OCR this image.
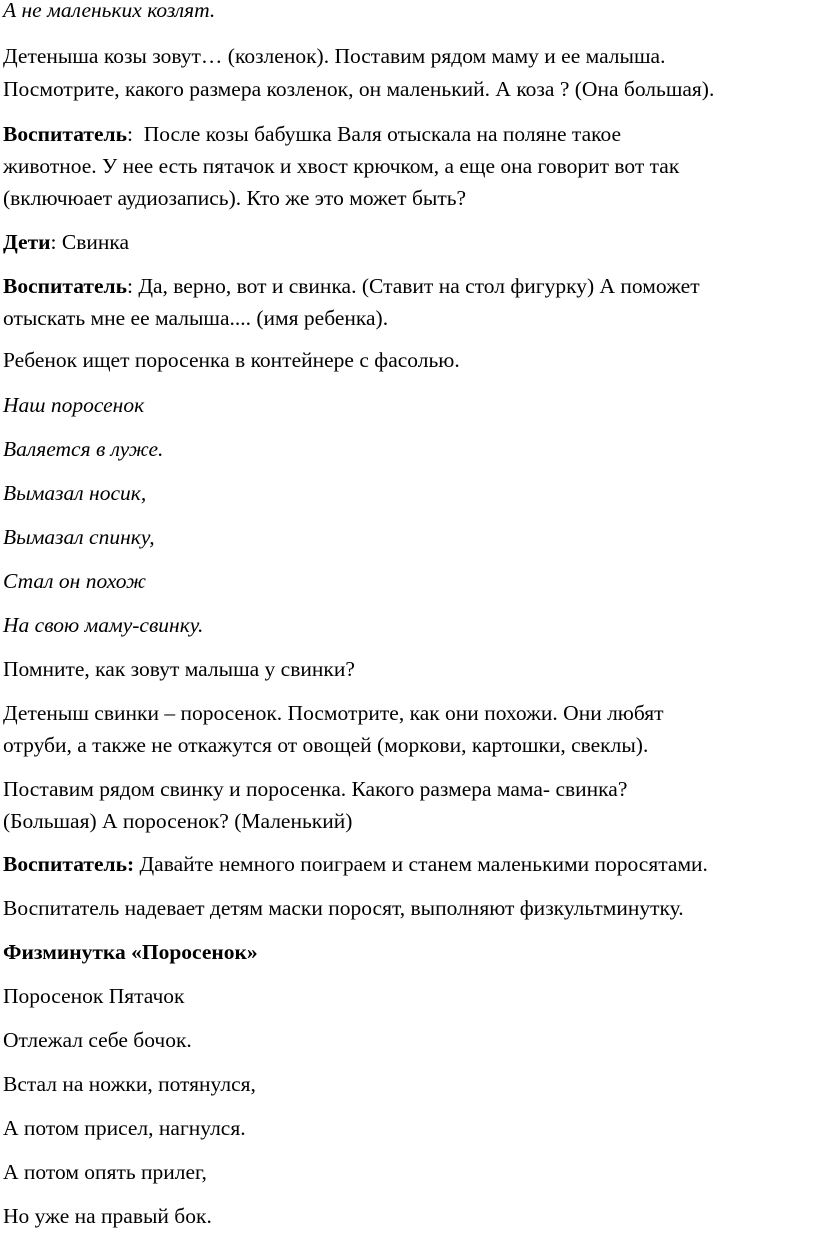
А не маленьких козлят.

Детеныша козы зовут… (козленок). Поставим рядом маму и ее малыша.

Посмотрите, какого размера козленок, он маленький. А коза ? (Она большая).

Воспитатель:  После козы бабушка Валя отыскала на поляне такое

животное. У нее есть пятачок и хвост крючком, а еще она говорит вот так

(включюает аудиозапись). Кто же это может быть?

Дети: Свинка

Воспитатель: Да, верно, вот и свинка. (Ставит на стол фигурку) А поможет

отыскать мне ее малыша.... (имя ребенка).

Ребенок ищет поросенка в контейнере с фасолью.

Наш поросенок

Валяется в луже.

Вымазал носик,

Вымазал спинку,

Стал он похож

На свою маму-свинку.

Помните, как зовут малыша у свинки?

Детеныш свинки – поросенок. Посмотрите, как они похожи. Они любят

отруби, а также не откажутся от овощей (моркови, картошки, свеклы).

Поставим рядом свинку и поросенка. Какого размера мама- свинка?

(Большая) А поросенок? (Маленький)

Воспитатель: Давайте немного поиграем и станем маленькими поросятами.

Воспитатель надевает детям маски поросят, выполняют физкультминутку.

Физминутка «Поросенок»

Поросенок Пятачок

Отлежал себе бочок.

Встал на ножки, потянулся,

А потом присел, нагнулся.

А потом опять прилег,

Но уже на правый бок.
